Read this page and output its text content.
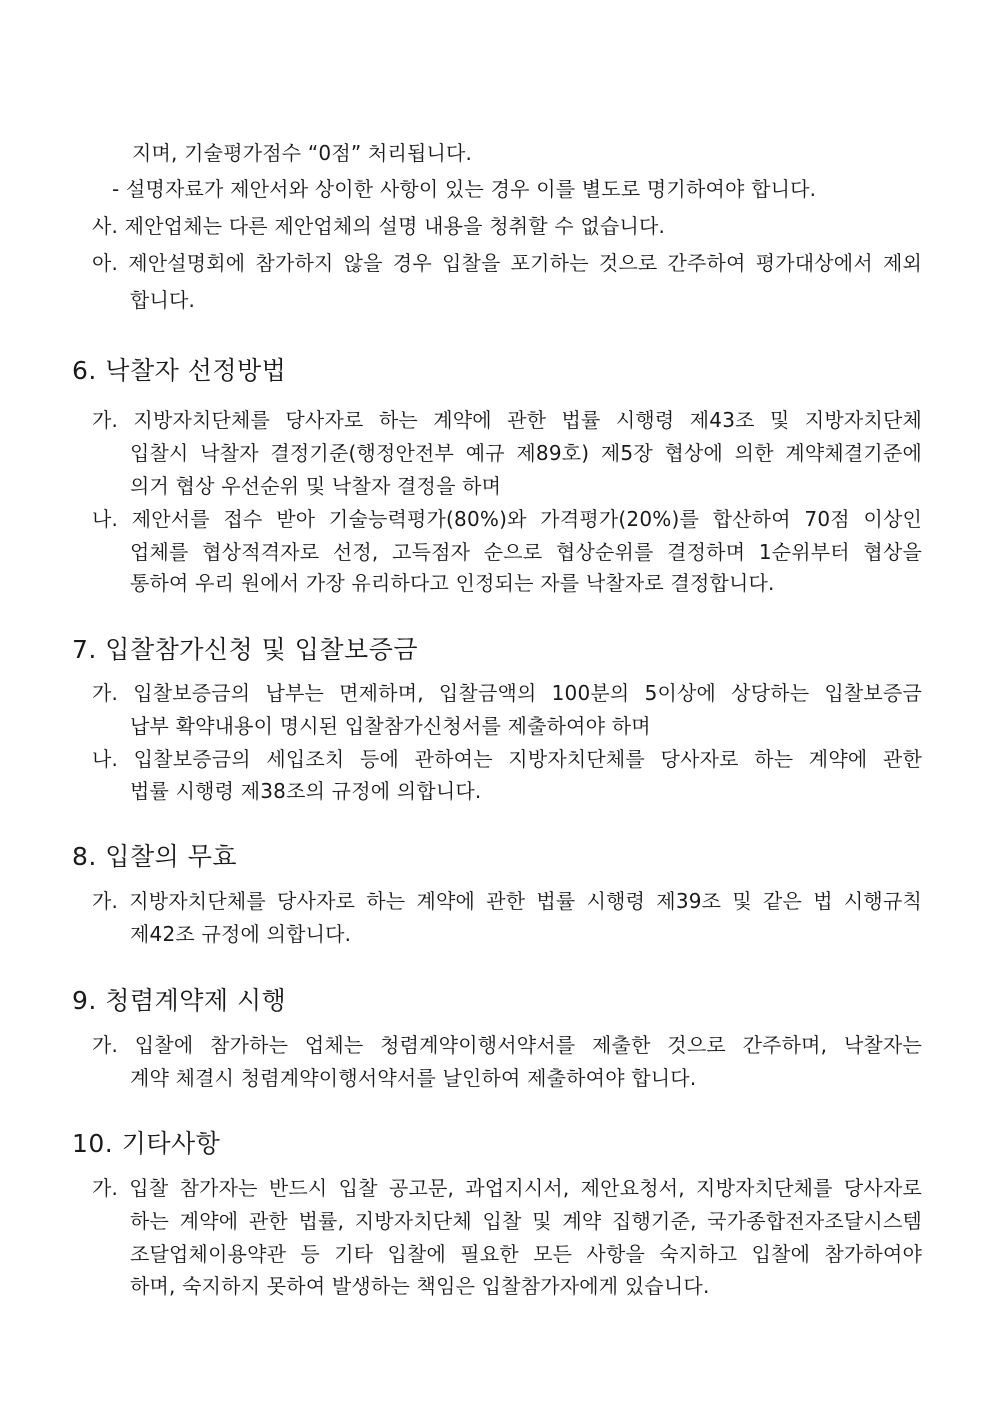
지며, 기술평가점수 “0점” 처리됩니다.
- 설명자료가 제안서와 상이한 사항이 있는 경우 이를 별도로 명기하여야 합니다.
사. 제안업체는 다른 제안업체의 설명 내용을 청취할 수 없습니다.
아. 제안설명회에 참가하지 않을 경우 입찰을 포기하는 것으로 간주하여 평가대상에서 제외
합니다.
6. 낙찰자 선정방법
가. 지방자치단체를 당사자로 하는 계약에 관한 법률 시행령 제43조 및 지방자치단체
입찰시 낙찰자 결정기준(행정안전부 예규 제89호) 제5장 협상에 의한 계약체결기준에
의거 협상 우선순위 및 낙찰자 결정을 하며
나. 제안서를 접수 받아 기술능력평가(80%)와 가격평가(20%)를 합산하여 70점 이상인
업체를 협상적격자로 선정, 고득점자 순으로 협상순위를 결정하며 1순위부터 협상을
통하여 우리 원에서 가장 유리하다고 인정되는 자를 낙찰자로 결정합니다.
7. 입찰참가신청 및 입찰보증금
가. 입찰보증금의 납부는 면제하며, 입찰금액의 100분의 5이상에 상당하는 입찰보증금
납부 확약내용이 명시된 입찰참가신청서를 제출하여야 하며
나. 입찰보증금의 세입조치 등에 관하여는 지방자치단체를 당사자로 하는 계약에 관한
법률 시행령 제38조의 규정에 의합니다.
8. 입찰의 무효
가. 지방자치단체를 당사자로 하는 계약에 관한 법률 시행령 제39조 및 같은 법 시행규칙
제42조 규정에 의합니다.
9. 청렴계약제 시행
가. 입찰에 참가하는 업체는 청렴계약이행서약서를 제출한 것으로 간주하며, 낙찰자는
계약 체결시 청렴계약이행서약서를 날인하여 제출하여야 합니다.
10. 기타사항
가. 입찰 참가자는 반드시 입찰 공고문, 과업지시서, 제안요청서, 지방자치단체를 당사자로
하는 계약에 관한 법률, 지방자치단체 입찰 및 계약 집행기준, 국가종합전자조달시스템
조달업체이용약관 등 기타 입찰에 필요한 모든 사항을 숙지하고 입찰에 참가하여야
하며, 숙지하지 못하여 발생하는 책임은 입찰참가자에게 있습니다.
